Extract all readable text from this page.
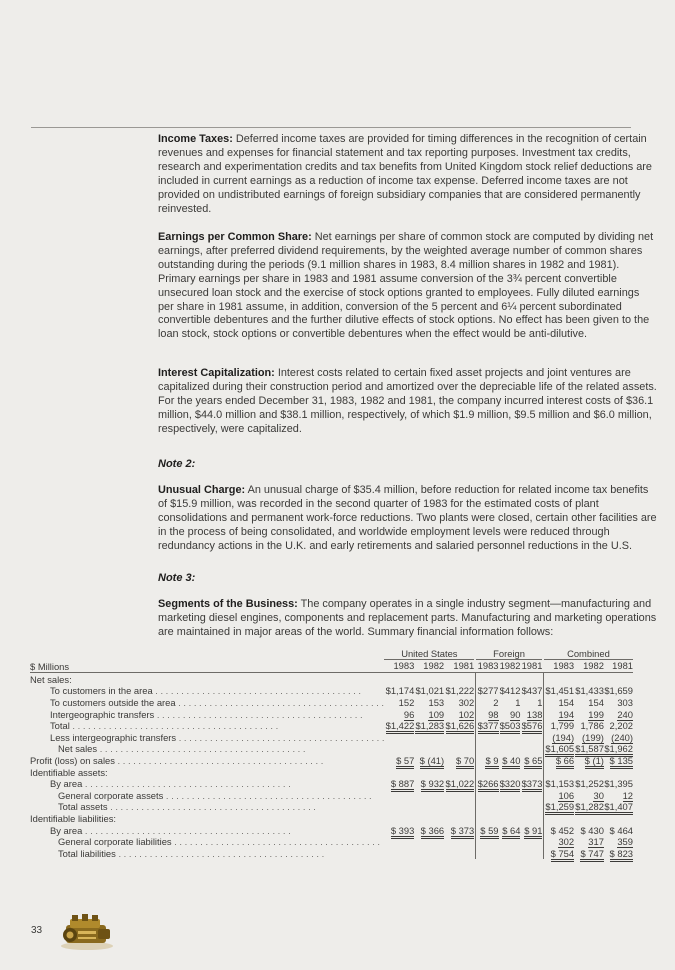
Income Taxes: Deferred income taxes are provided for timing differences in the recognition of certain revenues and expenses for financial statement and tax reporting purposes. Investment tax credits, research and experimentation credits and tax benefits from United Kingdom stock relief deductions are included in current earnings as a reduction of income tax expense. Deferred income taxes are not provided on undistributed earnings of foreign subsidiary companies that are considered permanently reinvested.

Earnings per Common Share: Net earnings per share of common stock are computed by dividing net earnings, after preferred dividend requirements, by the weighted average number of common shares outstanding during the periods (9.1 million shares in 1983, 8.4 million shares in 1982 and 1981). Primary earnings per share in 1983 and 1981 assume conversion of the 3¾ percent convertible unsecured loan stock and the exercise of stock options granted to employees. Fully diluted earnings per share in 1981 assume, in addition, conversion of the 5 percent and 6¼ percent subordinated convertible debentures and the further dilutive effects of stock options. No effect has been given to the loan stock, stock options or convertible debentures when the effect would be anti-dilutive.

Interest Capitalization: Interest costs related to certain fixed asset projects and joint ventures are capitalized during their construction period and amortized over the depreciable life of the related assets. For the years ended December 31, 1983, 1982 and 1981, the company incurred interest costs of $36.1 million, $44.0 million and $38.1 million, respectively, of which $1.9 million, $9.5 million and $6.0 million, respectively, were capitalized.

Note 2:

Unusual Charge: An unusual charge of $35.4 million, before reduction for related income tax benefits of $15.9 million, was recorded in the second quarter of 1983 for the estimated costs of plant consolidations and permanent work-force reductions. Two plants were closed, certain other facilities are in the process of being consolidated, and worldwide employment levels were reduced through redundancy actions in the U.K. and early retirements and salaried personnel reductions in the U.S.

Note 3:

Segments of the Business: The company operates in a single industry segment—manufacturing and marketing diesel engines, components and replacement parts. Manufacturing and marketing operations are maintained in major areas of the world. Summary financial information follows:

	United States				Foreign				Combined		
$ Millions	1983	1982	1981		1983	1982	1981		1983	1982	1981
Net sales:											
To customers in the area . . . . . . . . . . . . . . . . . . . . . . . . . . . . . . . . . . . . . . . .	$1,174	$1,021	$1,222		$277	$412	$437		$1,451	$1,433	$1,659
To customers outside the area . . . . . . . . . . . . . . . . . . . . . . . . . . . . . . . . . . . . . . . .	152	153	302		2	1	1		154	154	303
Intergeographic transfers . . . . . . . . . . . . . . . . . . . . . . . . . . . . . . . . . . . . . . . .	96	109	102		98	90	138		194	199	240
Total . . . . . . . . . . . . . . . . . . . . . . . . . . . . . . . . . . . . . . . .	$1,422	$1,283	$1,626		$377	$503	$576		1,799	1,786	2,202
Less intergeographic transfers . . . . . . . . . . . . . . . . . . . . . . . . . . . . . . . . . . . . . . . .									(194)	(199)	(240)
Net sales . . . . . . . . . . . . . . . . . . . . . . . . . . . . . . . . . . . . . . . .									$1,605	$1,587	$1,962
Profit (loss) on sales . . . . . . . . . . . . . . . . . . . . . . . . . . . . . . . . . . . . . . . .	$ 57	$ (41)	$ 70		$ 9	$ 40	$ 65		$ 66	$ (1)	$ 135
Identifiable assets:											
By area . . . . . . . . . . . . . . . . . . . . . . . . . . . . . . . . . . . . . . . .	$ 887	$ 932	$1,022		$266	$320	$373		$1,153	$1,252	$1,395
General corporate assets . . . . . . . . . . . . . . . . . . . . . . . . . . . . . . . . . . . . . . . .									106	30	12
Total assets . . . . . . . . . . . . . . . . . . . . . . . . . . . . . . . . . . . . . . . .									$1,259	$1,282	$1,407
Identifiable liabilities:											
By area . . . . . . . . . . . . . . . . . . . . . . . . . . . . . . . . . . . . . . . .	$ 393	$ 366	$ 373		$ 59	$ 64	$ 91		$ 452	$ 430	$ 464
General corporate liabilities . . . . . . . . . . . . . . . . . . . . . . . . . . . . . . . . . . . . . . . .									302	317	359
Total liabilities . . . . . . . . . . . . . . . . . . . . . . . . . . . . . . . . . . . . . . . .									$ 754	$ 747	$ 823
33
